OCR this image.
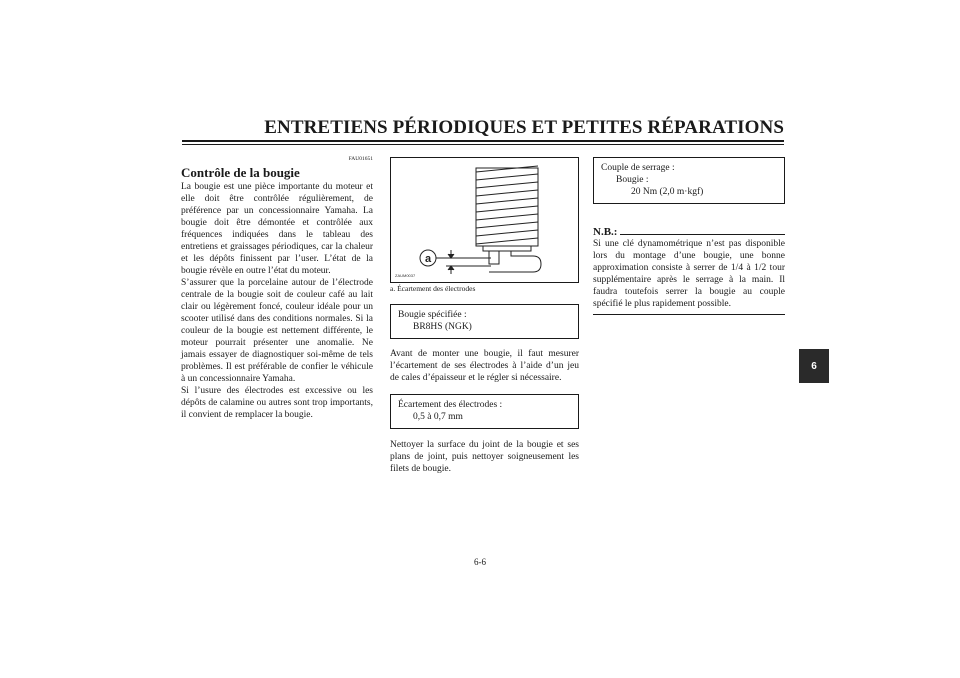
ENTRETIENS PÉRIODIQUES ET PETITES RÉPARATIONS
FAU01651
Contrôle de la bougie

La bougie est une pièce importante du moteur et elle doit être contrôlée régulièrement, de préférence par un concessionnaire Yamaha. La bougie doit être démontée et contrôlée aux fréquences indiquées dans le tableau des entretiens et graissages périodiques, car la chaleur et les dépôts finissent par l’user. L’état de la bougie révèle en outre l’état du moteur.

S’assurer que la porcelaine autour de l’électrode centrale de la bougie soit de couleur café au lait clair ou légèrement foncé, couleur idéale pour un scooter utilisé dans des conditions normales. Si la couleur de la bougie est nettement différente, le moteur pourrait présenter une anomalie. Ne jamais essayer de diagnostiquer soi-même de tels problèmes. Il est préférable de confier le véhicule à un concessionnaire Yamaha.

Si l’usure des électrodes est excessive ou les dépôts de calamine ou autres sont trop importants, il convient de remplacer la bougie.

a
ZAUM0037
a. Écartement des électrodes
Bougie spécifiée :
BR8HS (NGK)

Avant de monter une bougie, il faut mesurer l’écartement de ses électrodes à l’aide d’un jeu de cales d’épaisseur et le régler si nécessaire.

Écartement des électrodes :
0,5 à 0,7 mm

Nettoyer la surface du joint de la bougie et ses plans de joint, puis nettoyer soigneusement les filets de bougie.

Couple de serrage :
Bougie :
20 Nm (2,0 m·kgf)
N.B.:

Si une clé dynamométrique n’est pas disponible lors du montage d’une bougie, une bonne approximation consiste à serrer de 1/4 à 1/2 tour supplémentaire après le serrage à la main. Il faudra toutefois serrer la bougie au couple spécifié le plus rapidement possible.

6
6-6
